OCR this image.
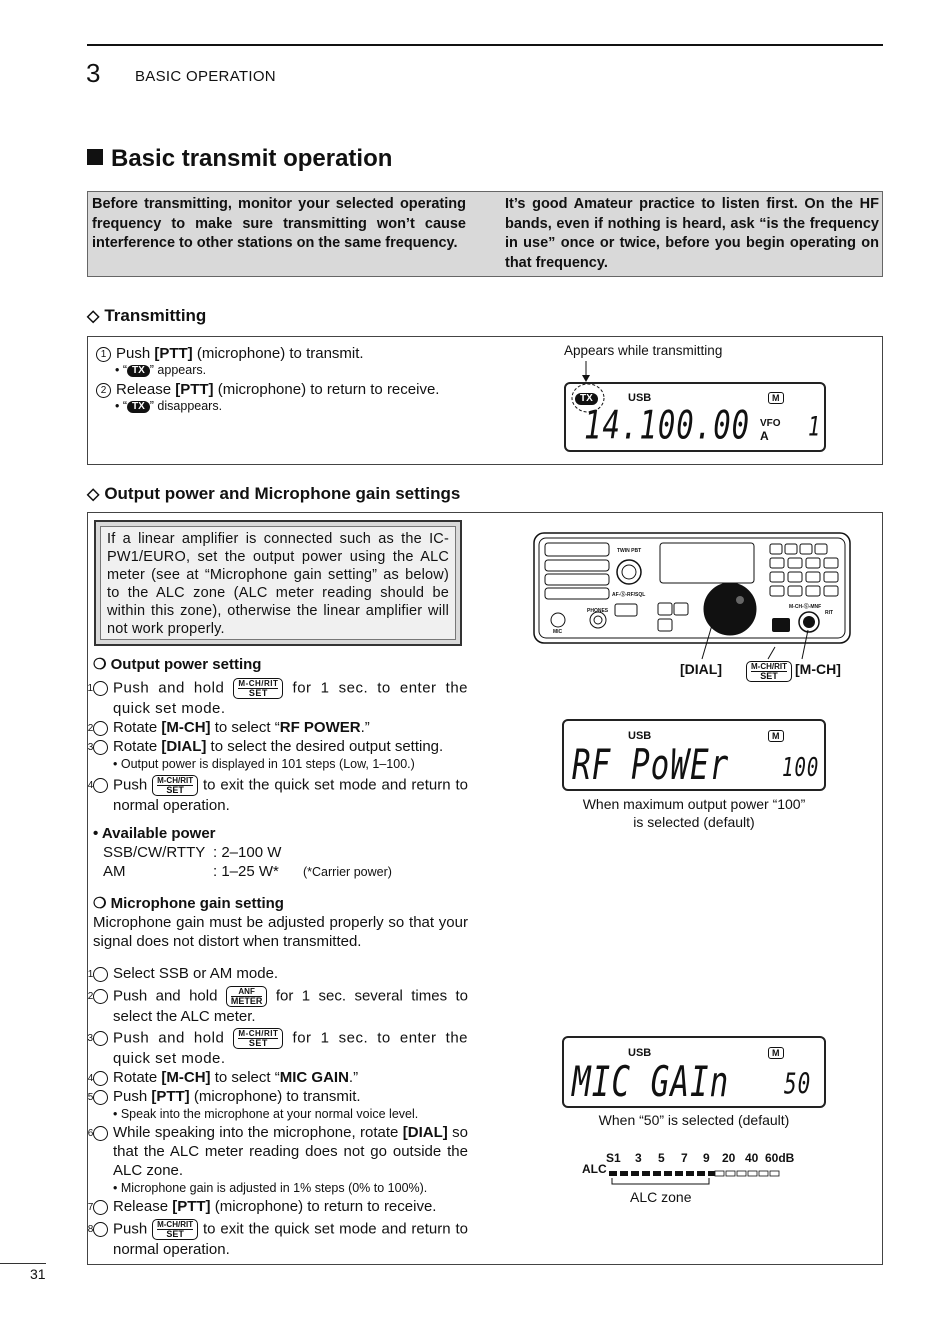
3 BASIC OPERATION
Basic transmit operation
Before transmitting, monitor your selected operating frequency to make sure transmitting won’t cause interference to other stations on the same frequency.
It’s good Amateur practice to listen first. On the HF bands, even if nothing is heard, ask “is the frequency in use” once or twice, before you begin operating on that frequency.
◇ Transmitting
1 Push [PTT] (microphone) to transmit.
• “ TX ” appears.
2 Release [PTT] (microphone) to return to receive.
• “ TX ” disappears.
Appears while transmitting
TX	USB	M
14.100.00 VFO
A 1
◇ Output power and Microphone gain settings
If a linear amplifier is connected such as the IC-PW1/EURO, set the output power using the ALC meter (see at “Microphone gain setting” as below) to the ALC zone (ALC meter reading should be within this zone), otherwise the linear amplifier will not work properly.
❍ Output power setting
1 Push and hold M-CH/RIT
SET	for 1 sec. to enter the quick set mode.
2 Rotate [M-CH] to select “RF POWER.”
3 Rotate [DIAL] to select the desired output setting.
• Output power is displayed in 101 steps (Low, 1–100.)
4 Push M-CH/RIT
SET	to exit the quick set mode and return to normal operation.
• Available power
SSB/CW/RTTY : 2–100 W
AM	: 1–25 W* (*Carrier power)
❍ Microphone gain setting
Microphone gain must be adjusted properly so that your signal does not distort when transmitted.
1 Select SSB or AM mode.
2 Push and hold	ANF
METER for 1 sec. several times to select the ALC meter.
3 Push and hold M-CH/RIT
SET	for 1 sec. to enter the quick set mode.
4 Rotate [M-CH] to select “MIC GAIN.”
5 Push [PTT] (microphone) to transmit.
• Speak into the microphone at your normal voice level.
6 While speaking into the microphone, rotate [DIAL] so that the ALC meter reading does not go outside the ALC zone.
• Microphone gain is adjusted in 1% steps (0% to 100%).
7 Release [PTT] (microphone) to return to receive.
8 Push M-CH/RIT
SET	to exit the quick set mode and return to normal operation.
TWIN PBT
AF-Ⓢ-RF/SQL
MIC
PHONES
M-CH-Ⓢ-MNF
RIT
[DIAL]	M-CH/RIT
SET	[M-CH]
USB	M
RF PoWEr	100
When maximum output power “100” is selected (default)
USB	M
MIC GAIn	50
When “50” is selected (default)
S1 3 5 7 9 20 40 60dB
ALC
ALC zone
31
